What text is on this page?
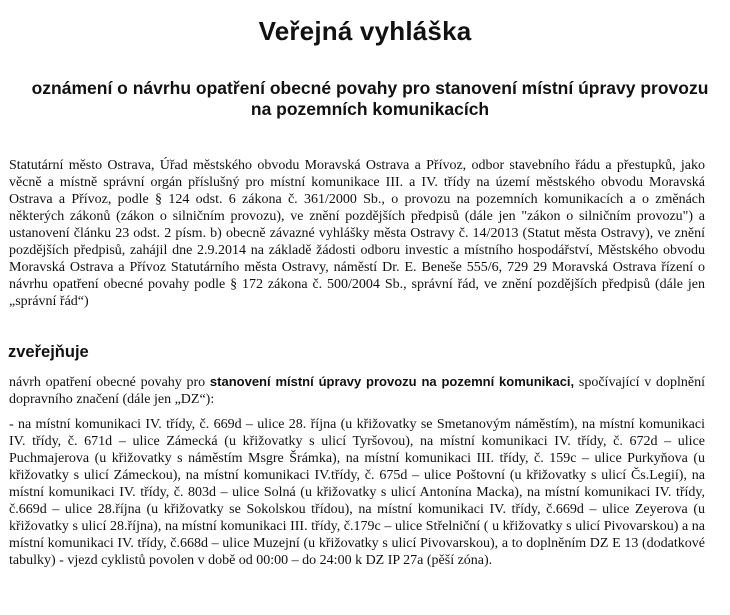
Veřejná vyhláška
oznámení o návrhu opatření obecné povahy pro stanovení místní úpravy provozu na pozemních komunikacích
Statutární město Ostrava, Úřad městského obvodu Moravská Ostrava a Přívoz, odbor stavebního řádu a přestupků, jako věcně a místně správní orgán příslušný pro místní komunikace III. a IV. třídy na území městského obvodu Moravská Ostrava a Přívoz, podle § 124 odst. 6 zákona č. 361/2000 Sb., o provozu na pozemních komunikacích a o změnách některých zákonů (zákon o silničním provozu), ve znění pozdějších předpisů (dále jen "zákon o silničním provozu") a ustanovení článku 23 odst. 2 písm. b) obecně závazné vyhlášky města Ostravy č. 14/2013 (Statut města Ostravy), ve znění pozdějších předpisů, zahájil dne 2.9.2014 na základě žádosti odboru investic a místního hospodářství, Městského obvodu Moravská Ostrava a Přívoz Statutárního města Ostravy, náměstí Dr. E. Beneše 555/6, 729 29 Moravská Ostrava řízení o návrhu opatření obecné povahy podle § 172 zákona č. 500/2004 Sb., správní řád, ve znění pozdějších předpisů (dále jen „správní řád“)
zveřejňuje
návrh opatření obecné povahy pro stanovení místní úpravy provozu na pozemní komunikaci, spočívající v doplnění dopravního značení (dále jen „DZ“):
- na místní komunikaci IV. třídy, č. 669d – ulice 28. října (u křižovatky se Smetanovým náměstím), na místní komunikaci IV. třídy, č. 671d – ulice Zámecká (u křižovatky s ulicí Tyršovou), na místní komunikaci IV. třídy, č. 672d – ulice Puchmajerova (u křižovatky s náměstím Msgre Šrámka), na místní komunikaci III. třídy, č. 159c – ulice Purkyňova (u křižovatky s ulicí Zámeckou), na místní komunikaci IV.třídy, č. 675d – ulice Poštovní (u křižovatky s ulicí Čs.Legií), na místní komunikaci IV. třídy, č. 803d – ulice Solná (u křižovatky s ulicí Antonína Macka), na místní komunikaci IV. třídy, č.669d – ulice 28.října (u křižovatky se Sokolskou třídou), na místní komunikaci IV. třídy, č.669d – ulice Zeyerova (u křižovatky s ulicí 28.října), na místní komunikaci III. třídy, č.179c – ulice Střelniční ( u křižovatky s ulicí Pivovarskou) a na místní komunikaci IV. třídy, č.668d – ulice Muzejní (u křižovatky s ulicí Pivovarskou), a to doplněním DZ E 13 (dodatkové tabulky) - vjezd cyklistů povolen v době od 00:00 – do 24:00 k DZ IP 27a (pěší zóna).
